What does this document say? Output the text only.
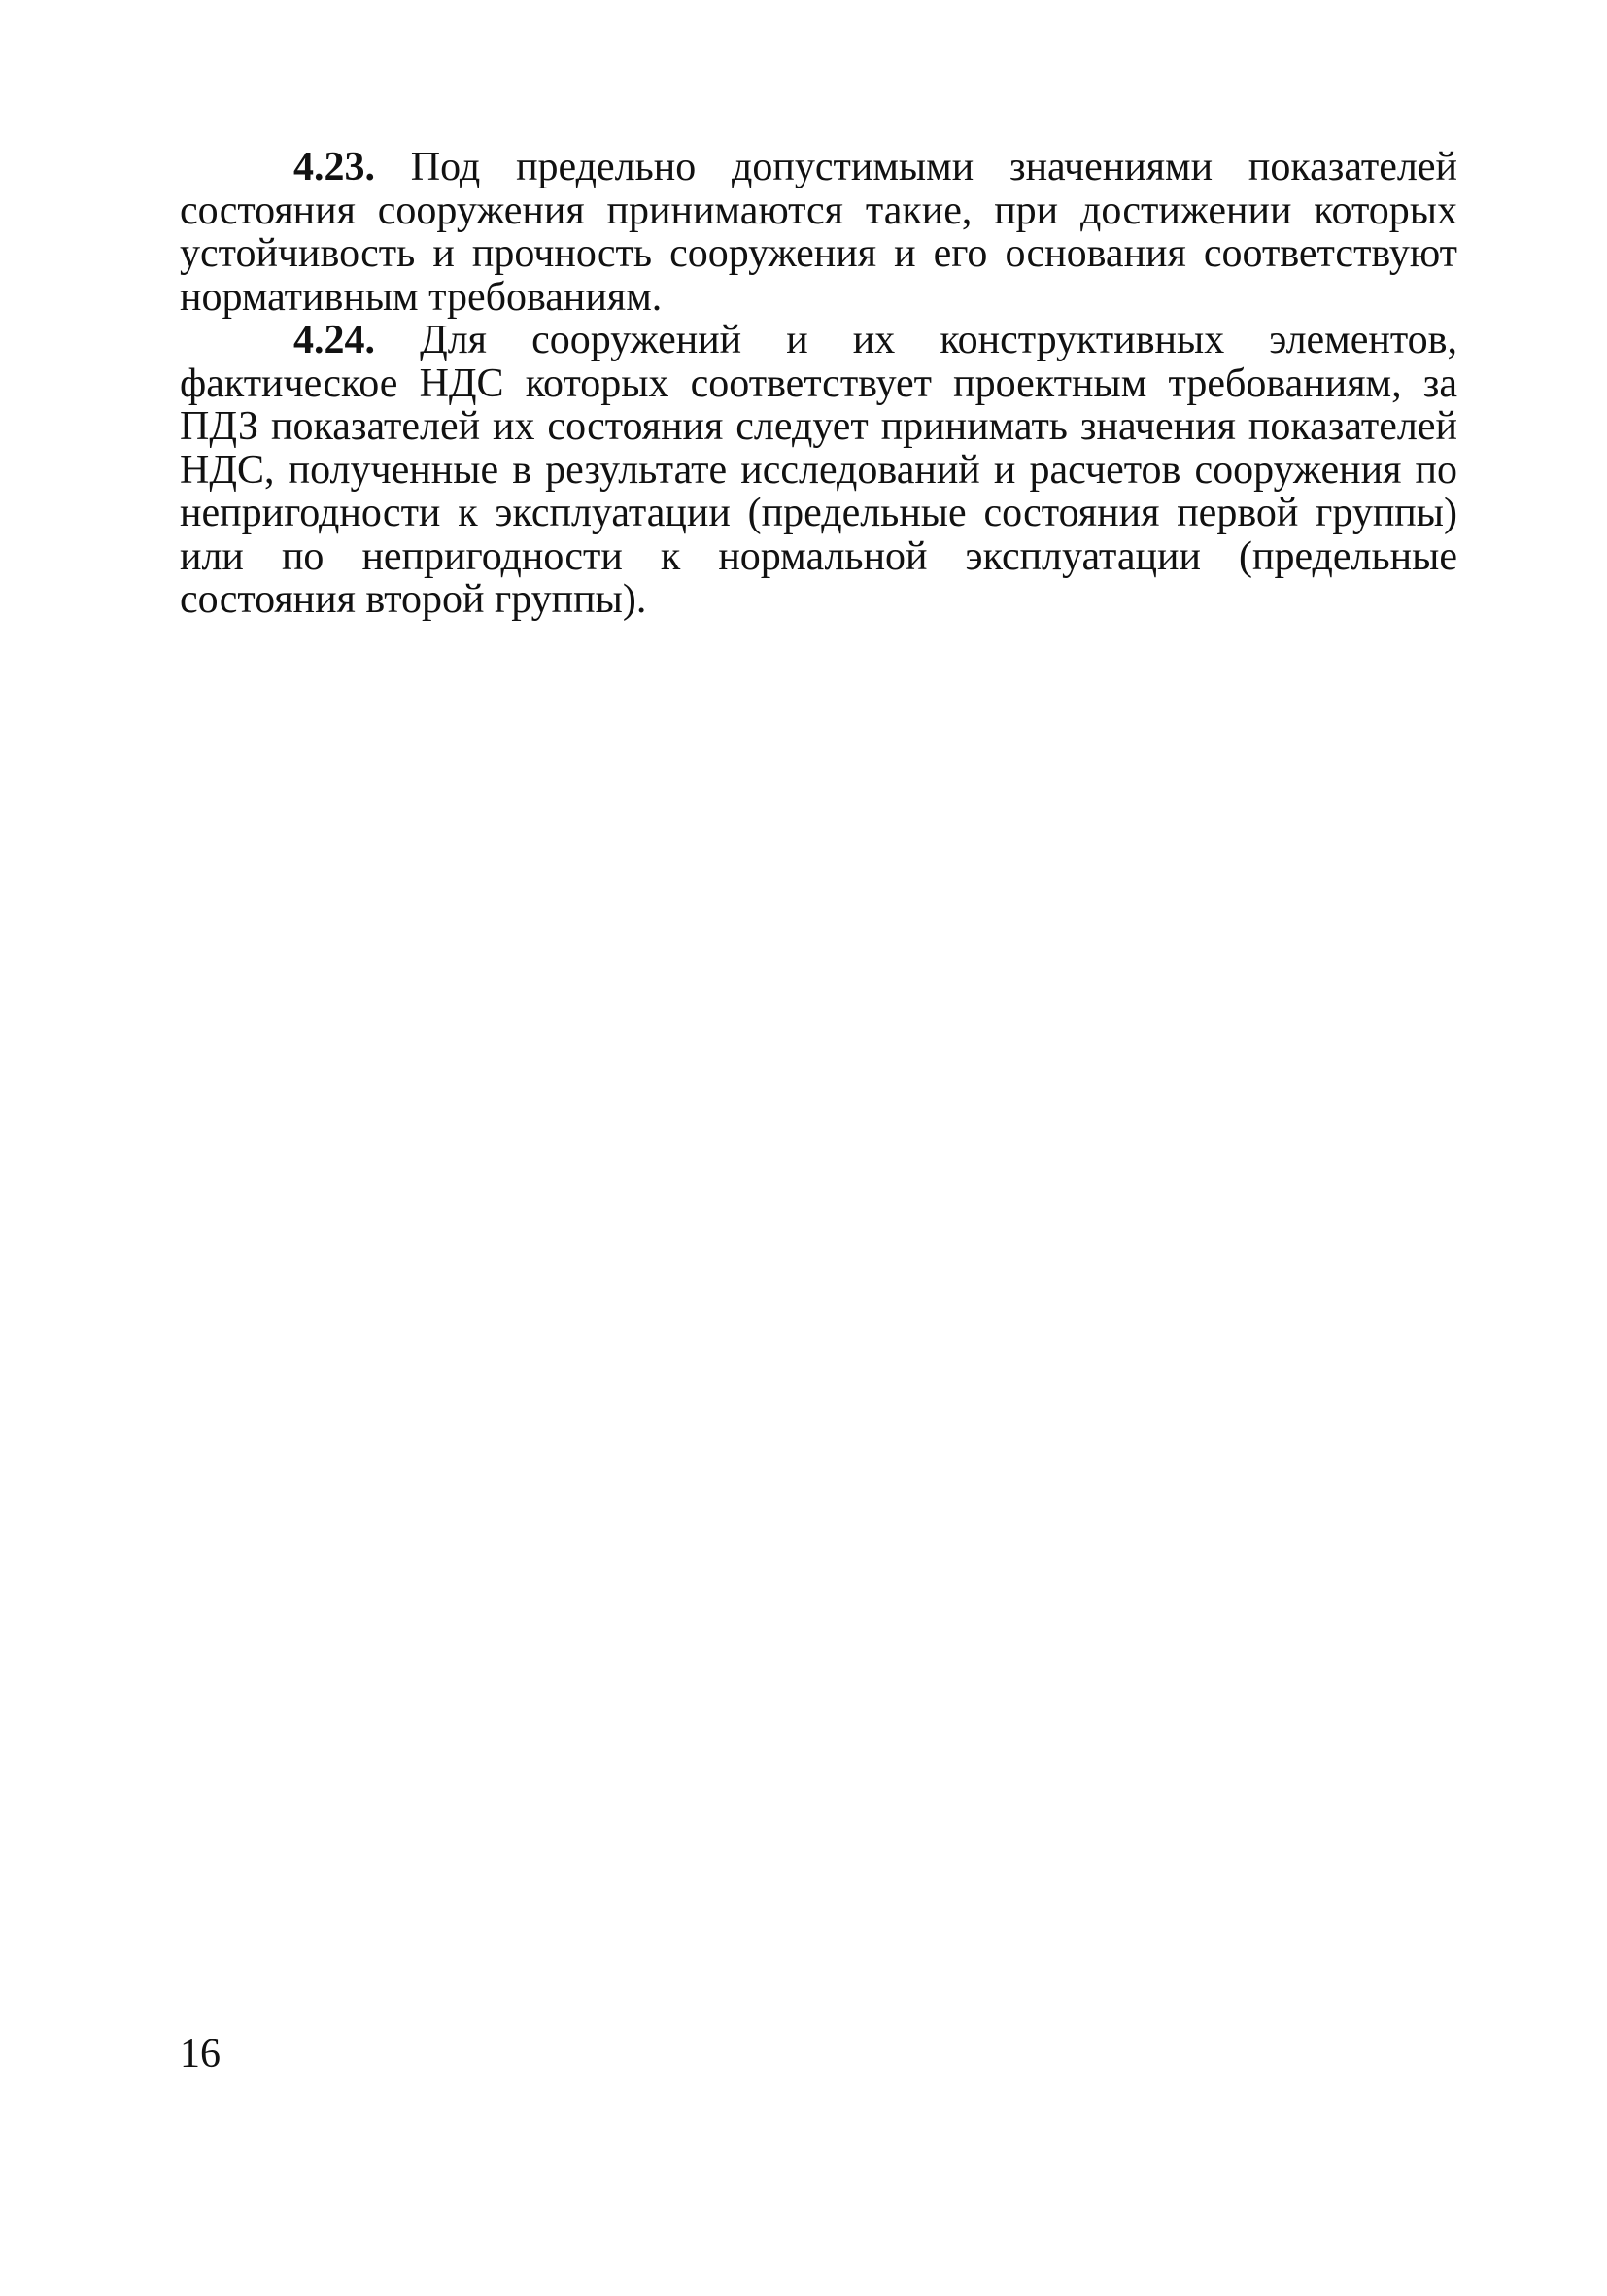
4.23. Под предельно допустимыми значениями показателей состояния сооружения принимаются такие, при достижении которых устойчивость и прочность сооружения и его основания соответствуют нормативным требованиям.

4.24. Для сооружений и их конструктивных элементов, фактическое НДС которых соответствует проектным требованиям, за ПДЗ показателей их состояния следует принимать значения показателей НДС, полученные в результате исследований и расчетов сооружения по непригодности к эксплуатации (предельные состояния первой группы) или по непригодности к нормальной эксплуатации (предельные состояния второй группы).

16
